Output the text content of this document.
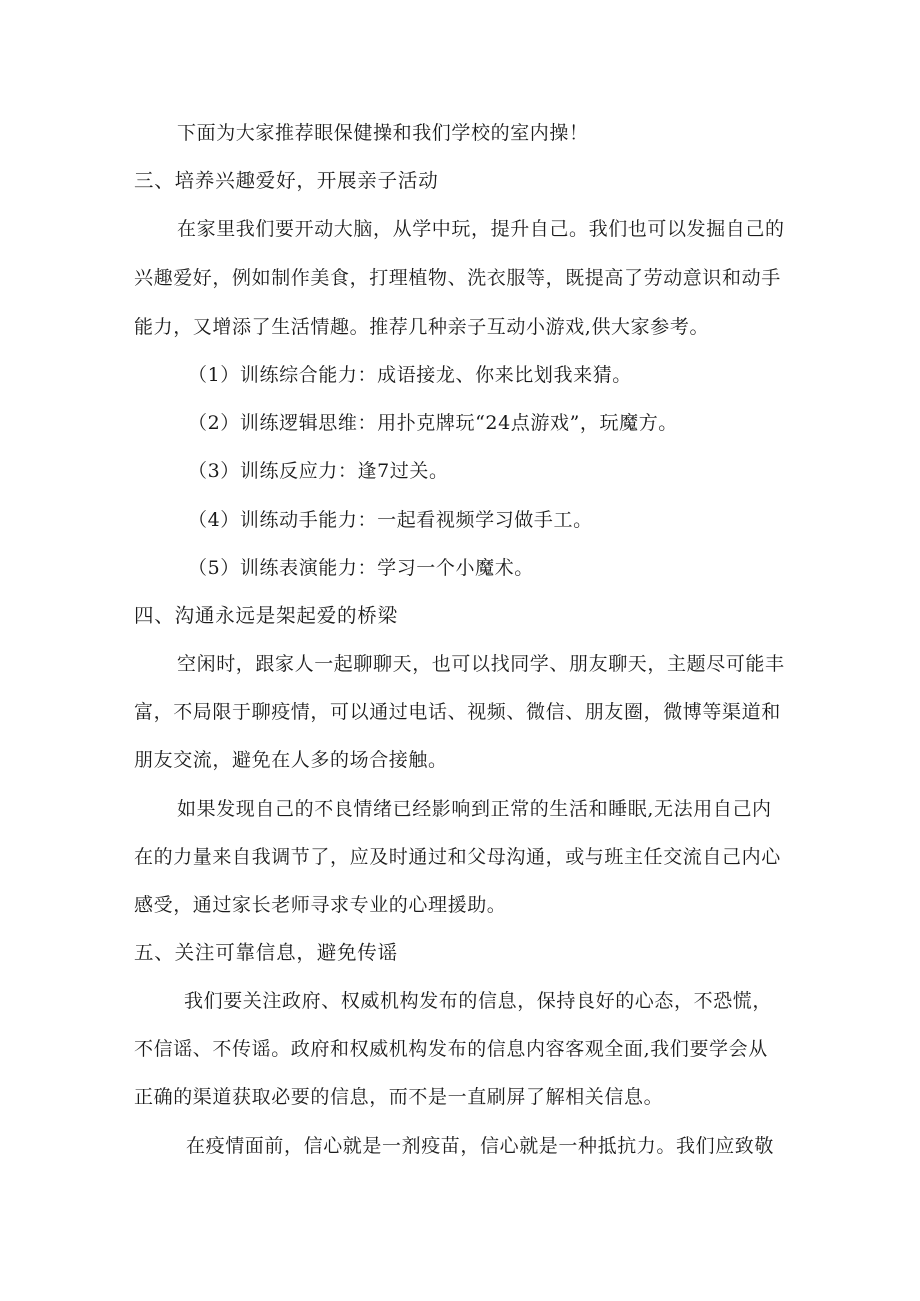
下面为大家推荐眼保健操和我们学校的室内操！
三、培养兴趣爱好，开展亲子活动
在家里我们要开动大脑，从学中玩，提升自己。我们也可以发掘自己的
兴趣爱好，例如制作美食，打理植物、洗衣服等，既提高了劳动意识和动手
能力，又增添了生活情趣。推荐几种亲子互动小游戏,供大家参考。
（1）训练综合能力：成语接龙、你来比划我来猜。
（2）训练逻辑思维：用扑克牌玩“24点游戏”，玩魔方。
（3）训练反应力：逢7过关。
（4）训练动手能力：一起看视频学习做手工。
（5）训练表演能力：学习一个小魔术。
四、沟通永远是架起爱的桥梁
空闲时，跟家人一起聊聊天，也可以找同学、朋友聊天，主题尽可能丰
富，不局限于聊疫情，可以通过电话、视频、微信、朋友圈，微博等渠道和
朋友交流，避免在人多的场合接触。
如果发现自己的不良情绪已经影响到正常的生活和睡眠,无法用自己内
在的力量来自我调节了，应及时通过和父母沟通，或与班主任交流自己内心
感受，通过家长老师寻求专业的心理援助。
五、关注可靠信息，避免传谣
我们要关注政府、权威机构发布的信息，保持良好的心态，不恐慌，
不信谣、不传谣。政府和权威机构发布的信息内容客观全面,我们要学会从
正确的渠道获取必要的信息，而不是一直刷屏了解相关信息。
在疫情面前，信心就是一剂疫苗，信心就是一种抵抗力。我们应致敬
